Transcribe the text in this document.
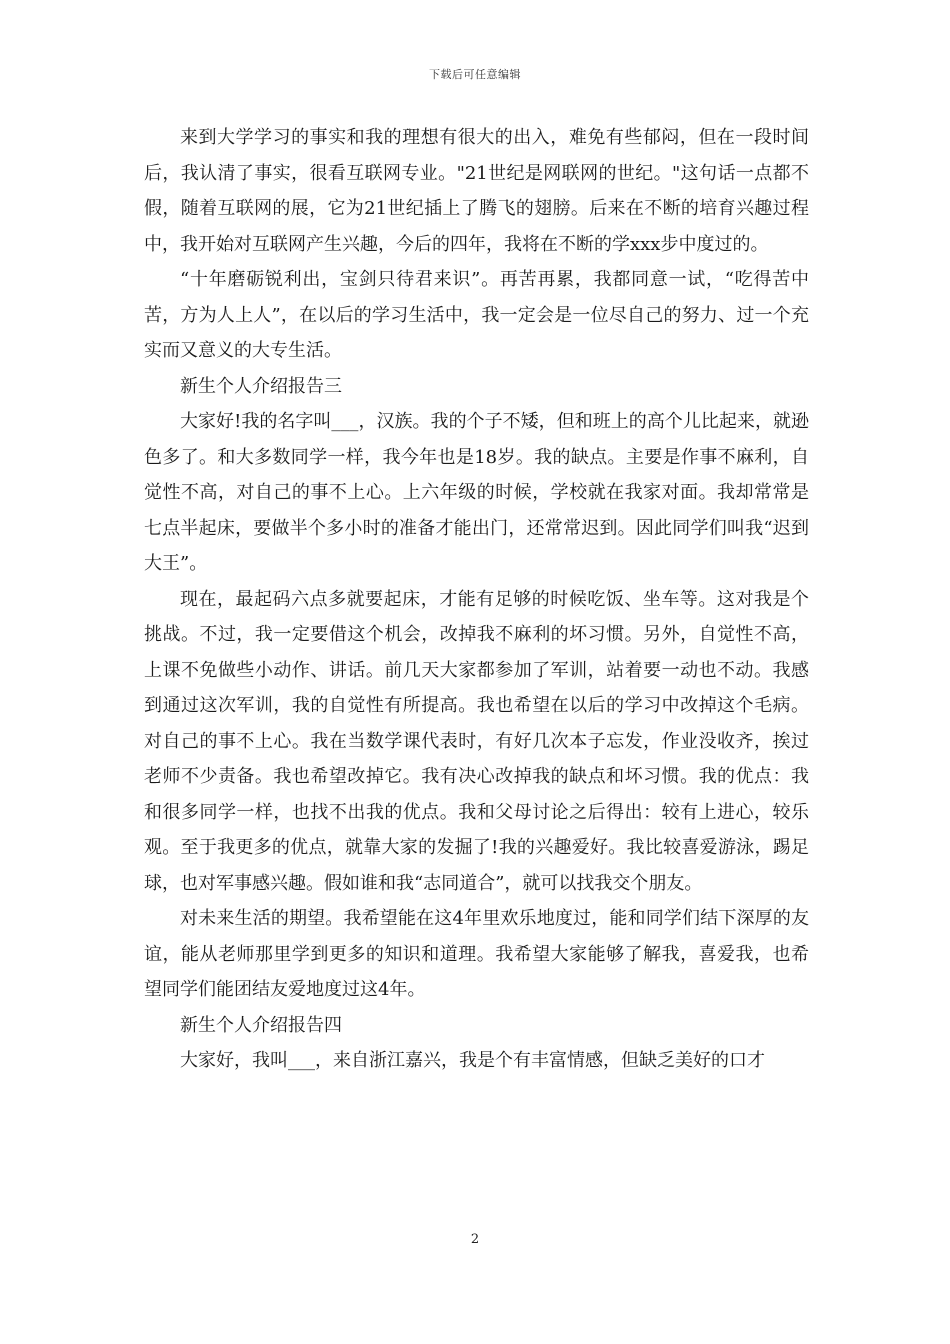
下载后可任意编辑

来到大学学习的事实和我的理想有很大的出入，难免有些郁闷，但在一段时间后，我认清了事实，很看互联网专业。"21世纪是网联网的世纪。"这句话一点都不假，随着互联网的展，它为21世纪插上了腾飞的翅膀。后来在不断的培育兴趣过程中，我开始对互联网产生兴趣，今后的四年，我将在不断的学xxx步中度过的。

“十年磨砺锐利出，宝剑只待君来识”。再苦再累，我都同意一试，“吃得苦中苦，方为人上人”，在以后的学习生活中，我一定会是一位尽自己的努力、过一个充实而又意义的大专生活。

新生个人介绍报告三

大家好!我的名字叫___，汉族。我的个子不矮，但和班上的高个儿比起来，就逊色多了。和大多数同学一样，我今年也是18岁。我的缺点。主要是作事不麻利，自觉性不高，对自己的事不上心。上六年级的时候，学校就在我家对面。我却常常是七点半起床，要做半个多小时的准备才能出门，还常常迟到。因此同学们叫我“迟到大王”。

现在，最起码六点多就要起床，才能有足够的时候吃饭、坐车等。这对我是个挑战。不过，我一定要借这个机会，改掉我不麻利的坏习惯。另外，自觉性不高，上课不免做些小动作、讲话。前几天大家都参加了军训，站着要一动也不动。我感到通过这次军训，我的自觉性有所提高。我也希望在以后的学习中改掉这个毛病。对自己的事不上心。我在当数学课代表时，有好几次本子忘发，作业没收齐，挨过老师不少责备。我也希望改掉它。我有决心改掉我的缺点和坏习惯。我的优点：我和很多同学一样，也找不出我的优点。我和父母讨论之后得出：较有上进心，较乐观。至于我更多的优点，就靠大家的发掘了!我的兴趣爱好。我比较喜爱游泳，踢足球，也对军事感兴趣。假如谁和我“志同道合”，就可以找我交个朋友。

对未来生活的期望。我希望能在这4年里欢乐地度过，能和同学们结下深厚的友谊，能从老师那里学到更多的知识和道理。我希望大家能够了解我，喜爱我，也希望同学们能团结友爱地度过这4年。

新生个人介绍报告四

大家好，我叫___，来自浙江嘉兴，我是个有丰富情感，但缺乏美好的口才

2
